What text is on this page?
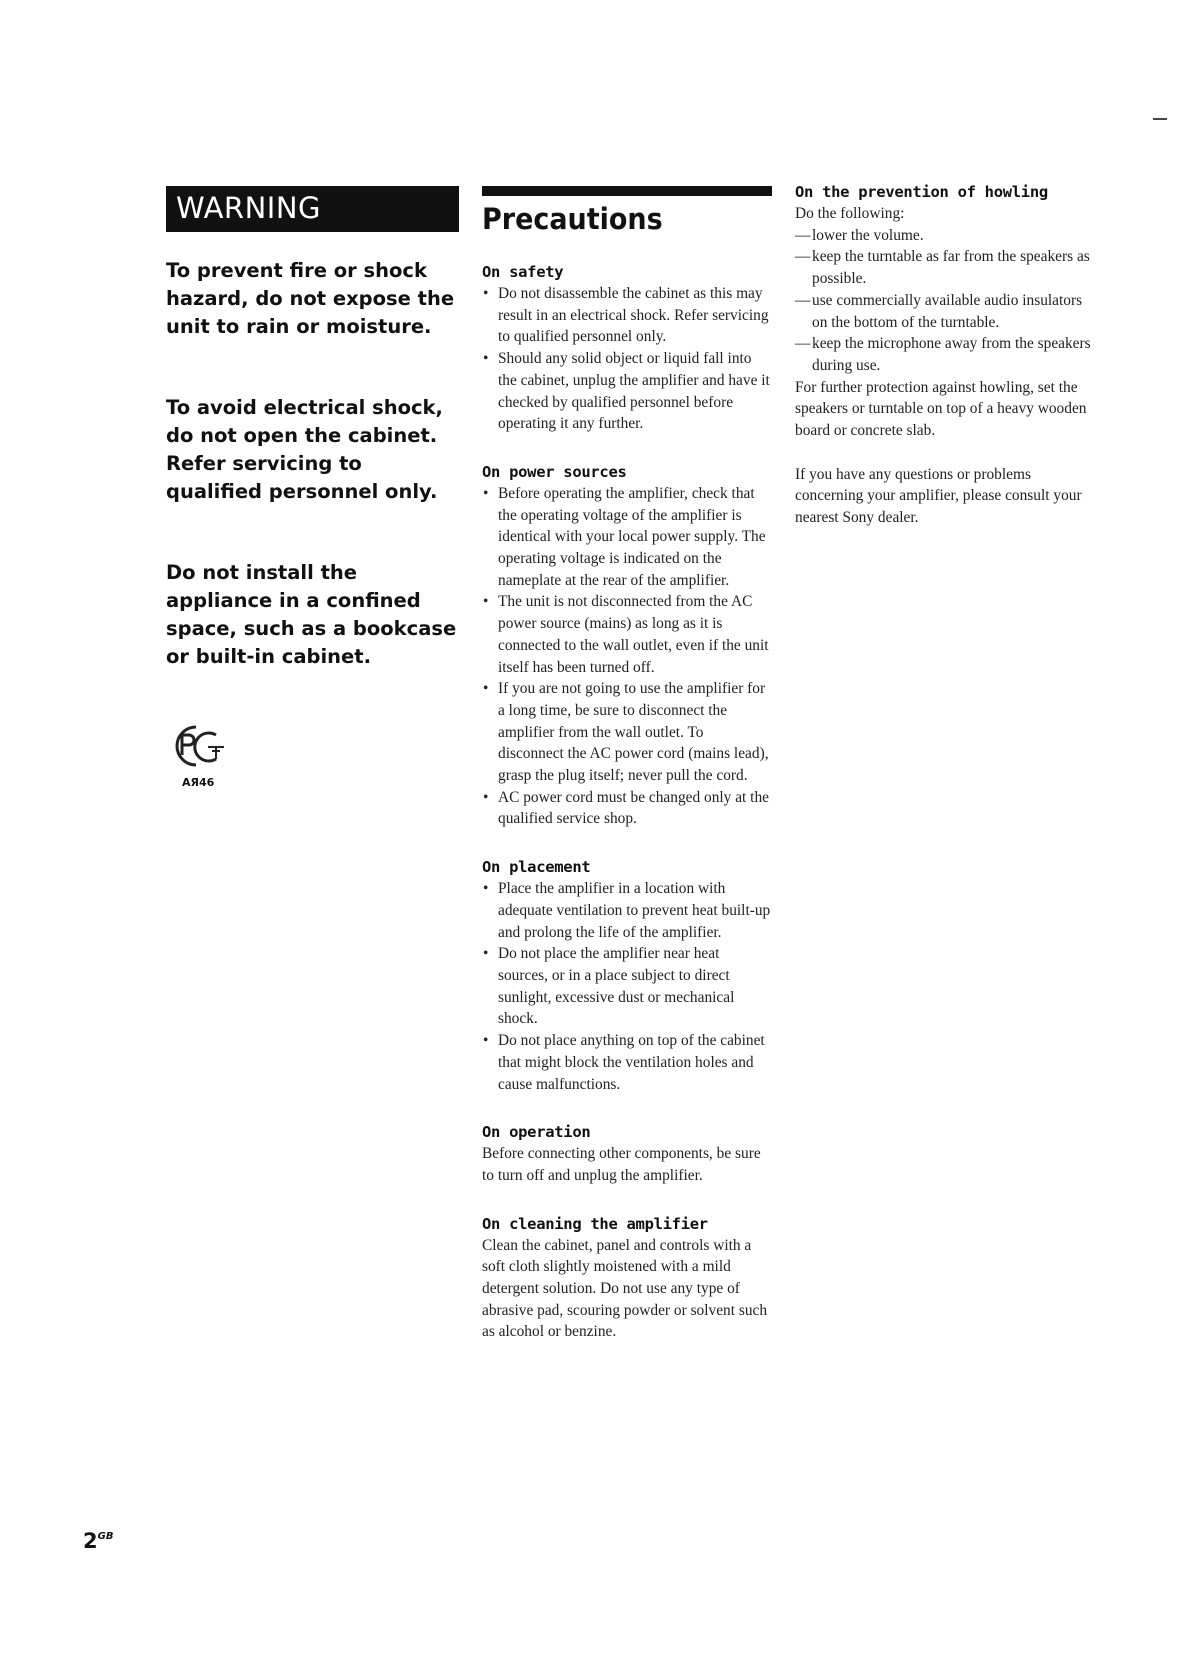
WARNING

To prevent fire or shock hazard, do not expose the unit to rain or moisture.

To avoid electrical shock, do not open the cabinet. Refer servicing to qualified personnel only.

Do not install the appliance in a confined space, such as a bookcase or built-in cabinet.

AЯ46
Precautions
On safety
• Do not disassemble the cabinet as this may result in an electrical shock. Refer servicing to qualified personnel only.
• Should any solid object or liquid fall into the cabinet, unplug the amplifier and have it checked by qualified personnel before operating it any further.
On power sources
• Before operating the amplifier, check that the operating voltage of the amplifier is identical with your local power supply. The operating voltage is indicated on the nameplate at the rear of the amplifier.
• The unit is not disconnected from the AC power source (mains) as long as it is connected to the wall outlet, even if the unit itself has been turned off.
• If you are not going to use the amplifier for a long time, be sure to disconnect the amplifier from the wall outlet. To disconnect the AC power cord (mains lead), grasp the plug itself; never pull the cord.
• AC power cord must be changed only at the qualified service shop.
On placement
• Place the amplifier in a location with adequate ventilation to prevent heat built-up and prolong the life of the amplifier.
• Do not place the amplifier near heat sources, or in a place subject to direct sunlight, excessive dust or mechanical shock.
• Do not place anything on top of the cabinet that might block the ventilation holes and cause malfunctions.
On operation

Before connecting other components, be sure to turn off and unplug the amplifier.

On cleaning the amplifier

Clean the cabinet, panel and controls with a soft cloth slightly moistened with a mild detergent solution. Do not use any type of abrasive pad, scouring powder or solvent such as alcohol or benzine.

On the prevention of howling

Do the following:

— lower the volume.
— keep the turntable as far from the speakers as possible.
— use commercially available audio insulators on the bottom of the turntable.
— keep the microphone away from the speakers during use.

For further protection against howling, set the speakers or turntable on top of a heavy wooden board or concrete slab.

If you have any questions or problems concerning your amplifier, please consult your nearest Sony dealer.

$2^{GB}$
